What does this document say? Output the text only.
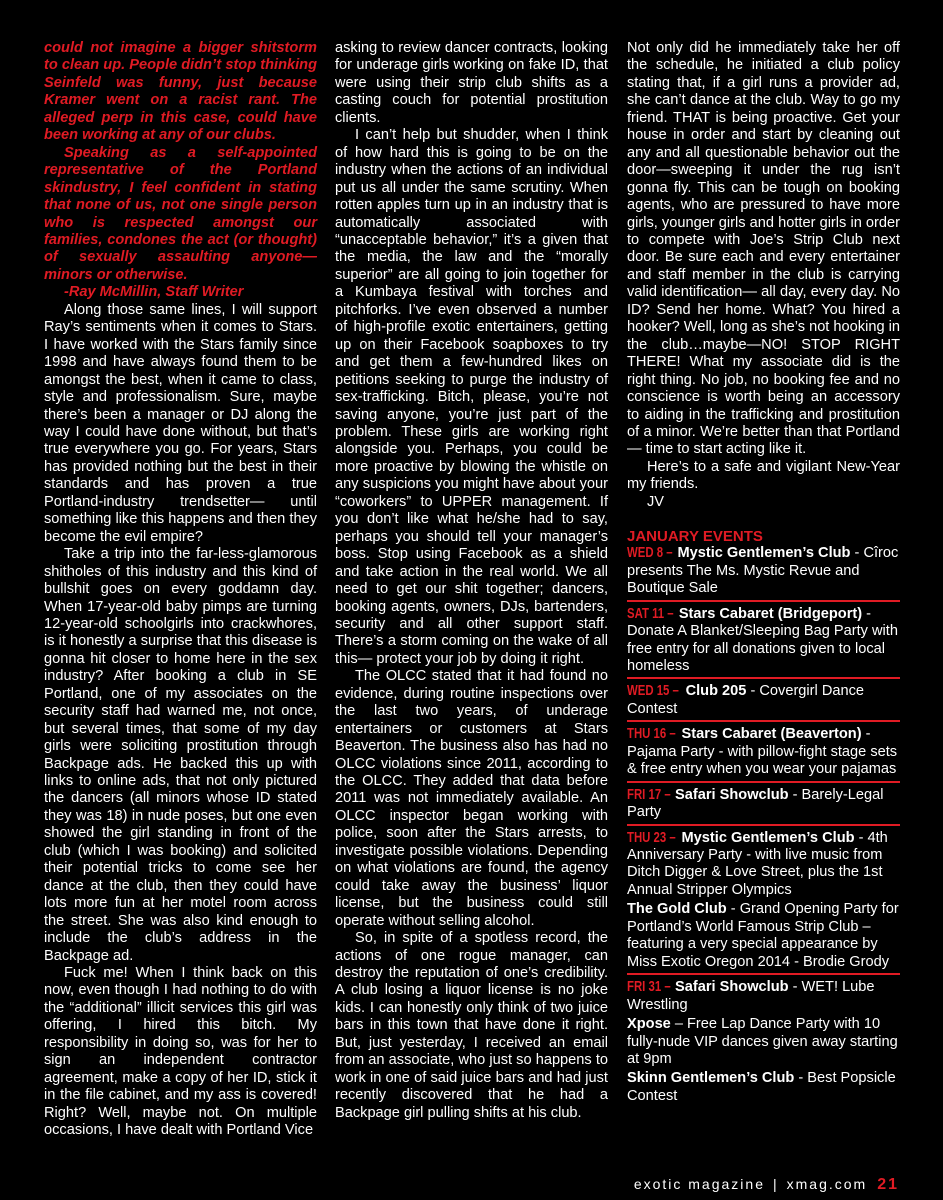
could not imagine a bigger shitstorm to clean up. People didn’t stop thinking Seinfeld was funny, just because Kramer went on a racist rant. The alleged perp in this case, could have been working at any of our clubs.

Speaking as a self-appointed representative of the Portland skindustry, I feel confident in stating that none of us, not one single person who is respected amongst our families, condones the act (or thought) of sexually assaulting anyone— minors or otherwise.

-Ray McMillin, Staff Writer

Along those same lines, I will support Ray’s sentiments when it comes to Stars. I have worked with the Stars family since 1998 and have always found them to be amongst the best, when it came to class, style and professionalism. Sure, maybe there’s been a manager or DJ along the way I could have done without, but that’s true everywhere you go. For years, Stars has provided nothing but the best in their standards and has proven a true Portland-industry trendsetter— until something like this happens and then they become the evil empire?

Take a trip into the far-less-glamorous shitholes of this industry and this kind of bullshit goes on every goddamn day. When 17-year-old baby pimps are turning 12-year-old schoolgirls into crackwhores, is it honestly a surprise that this disease is gonna hit closer to home here in the sex industry? After booking a club in SE Portland, one of my associates on the security staff had warned me, not once, but several times, that some of my day girls were soliciting prostitution through Backpage ads. He backed this up with links to online ads, that not only pictured the dancers (all minors whose ID stated they was 18) in nude poses, but one even showed the girl standing in front of the club (which I was booking) and solicited their potential tricks to come see her dance at the club, then they could have lots more fun at her motel room across the street. She was also kind enough to include the club’s address in the Backpage ad.

Fuck me! When I think back on this now, even though I had nothing to do with the “additional” illicit services this girl was offering, I hired this bitch. My responsibility in doing so, was for her to sign an independent contractor agreement, make a copy of her ID, stick it in the file cabinet, and my ass is covered! Right? Well, maybe not. On multiple occasions, I have dealt with Portland Vice

asking to review dancer contracts, looking for underage girls working on fake ID, that were using their strip club shifts as a casting couch for potential prostitution clients.

I can’t help but shudder, when I think of how hard this is going to be on the industry when the actions of an individual put us all under the same scrutiny. When rotten apples turn up in an industry that is automatically associated with “unacceptable behavior,” it’s a given that the media, the law and the “morally superior” are all going to join together for a Kumbaya festival with torches and pitchforks. I’ve even observed a number of high-profile exotic entertainers, getting up on their Facebook soapboxes to try and get them a few-hundred likes on petitions seeking to purge the industry of sex-trafficking. Bitch, please, you’re not saving anyone, you’re just part of the problem. These girls are working right alongside you. Perhaps, you could be more proactive by blowing the whistle on any suspicions you might have about your “coworkers” to UPPER management. If you don’t like what he/she had to say, perhaps you should tell your manager’s boss. Stop using Facebook as a shield and take action in the real world. We all need to get our shit together; dancers, booking agents, owners, DJs, bartenders, security and all other support staff. There’s a storm coming on the wake of all this— protect your job by doing it right.

The OLCC stated that it had found no evidence, during routine inspections over the last two years, of underage entertainers or customers at Stars Beaverton. The business also has had no OLCC violations since 2011, according to the OLCC. They added that data before 2011 was not immediately available. An OLCC inspector began working with police, soon after the Stars arrests, to investigate possible violations. Depending on what violations are found, the agency could take away the business’ liquor license, but the business could still operate without selling alcohol.

So, in spite of a spotless record, the actions of one rogue manager, can destroy the reputation of one’s credibility. A club losing a liquor license is no joke kids. I can honestly only think of two juice bars in this town that have done it right. But, just yesterday, I received an email from an associate, who just so happens to work in one of said juice bars and had just recently discovered that he had a Backpage girl pulling shifts at his club.

Not only did he immediately take her off the schedule, he initiated a club policy stating that, if a girl runs a provider ad, she can’t dance at the club. Way to go my friend. THAT is being proactive. Get your house in order and start by cleaning out any and all questionable behavior out the door—sweeping it under the rug isn’t gonna fly. This can be tough on booking agents, who are pressured to have more girls, younger girls and hotter girls in order to compete with Joe’s Strip Club next door. Be sure each and every entertainer and staff member in the club is carrying valid identification— all day, every day. No ID? Send her home. What? You hired a hooker? Well, long as she’s not hooking in the club…maybe—NO! STOP RIGHT THERE! What my associate did is the right thing. No job, no booking fee and no conscience is worth being an accessory to aiding in the trafficking and prostitution of a minor. We’re better than that Portland— time to start acting like it.

Here’s to a safe and vigilant New-Year my friends.

JV

JANUARY EVENTS
WED 8 – Mystic Gentlemen’s Club - Cîroc presents The Ms. Mystic Revue and Boutique Sale
SAT 11 – Stars Cabaret (Bridgeport) - Donate A Blanket/Sleeping Bag Party with free entry for all donations given to local homeless
WED 15 – Club 205 - Covergirl Dance Contest
THU 16 – Stars Cabaret (Beaverton) - Pajama Party - with pillow-fight stage sets & free entry when you wear your pajamas
FRI 17 – Safari Showclub - Barely-Legal Party
THU 23 – Mystic Gentlemen’s Club - 4th Anniversary Party - with live music from Ditch Digger & Love Street, plus the 1st Annual Stripper Olympics
The Gold Club - Grand Opening Party for Portland’s World Famous Strip Club – featuring a very special appearance by Miss Exotic Oregon 2014 - Brodie Grody
FRI 31 – Safari Showclub - WET! Lube Wrestling
Xpose – Free Lap Dance Party with 10 fully-nude VIP dances given away starting at 9pm
Skinn Gentlemen’s Club - Best Popsicle Contest
exotic magazine | xmag.com 21
